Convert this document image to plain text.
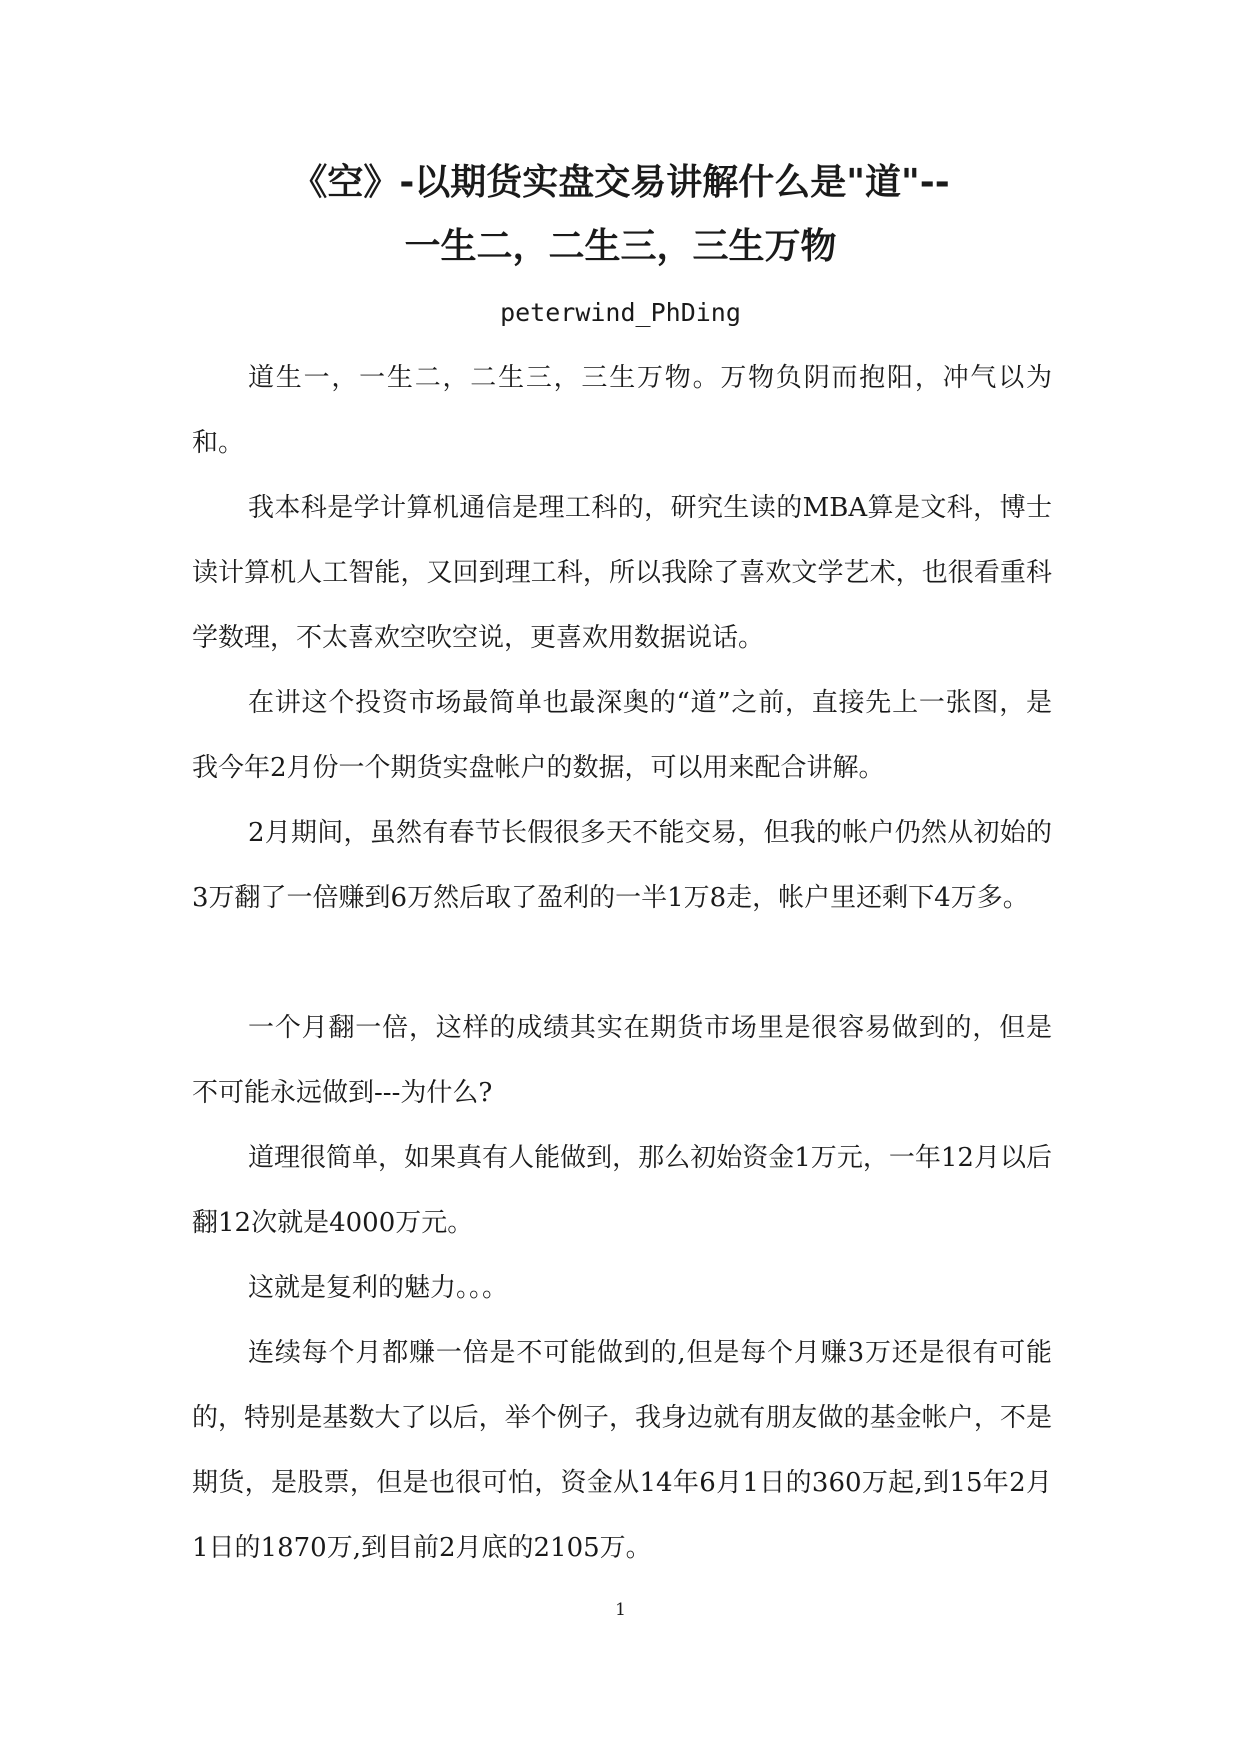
《空》-以期货实盘交易讲解什么是"道"--
一生二，二生三，三生万物
peterwind_PhDing

道生一，一生二，二生三，三生万物。万物负阴而抱阳，冲气以为和。

我本科是学计算机通信是理工科的，研究生读的MBA算是文科，博士读计算机人工智能，又回到理工科，所以我除了喜欢文学艺术，也很看重科学数理，不太喜欢空吹空说，更喜欢用数据说话。

在讲这个投资市场最简单也最深奥的“道”之前，直接先上一张图，是我今年2月份一个期货实盘帐户的数据，可以用来配合讲解。

2月期间，虽然有春节长假很多天不能交易，但我的帐户仍然从初始的3万翻了一倍赚到6万然后取了盈利的一半1万8走，帐户里还剩下4万多。

一个月翻一倍，这样的成绩其实在期货市场里是很容易做到的，但是不可能永远做到---为什么?

道理很简单，如果真有人能做到，那么初始资金1万元，一年12月以后翻12次就是4000万元。

这就是复利的魅力。。。

连续每个月都赚一倍是不可能做到的,但是每个月赚3万还是很有可能的，特别是基数大了以后，举个例子，我身边就有朋友做的基金帐户，不是期货，是股票，但是也很可怕，资金从14年6月1日的360万起,到15年2月1日的1870万,到目前2月底的2105万。

1
